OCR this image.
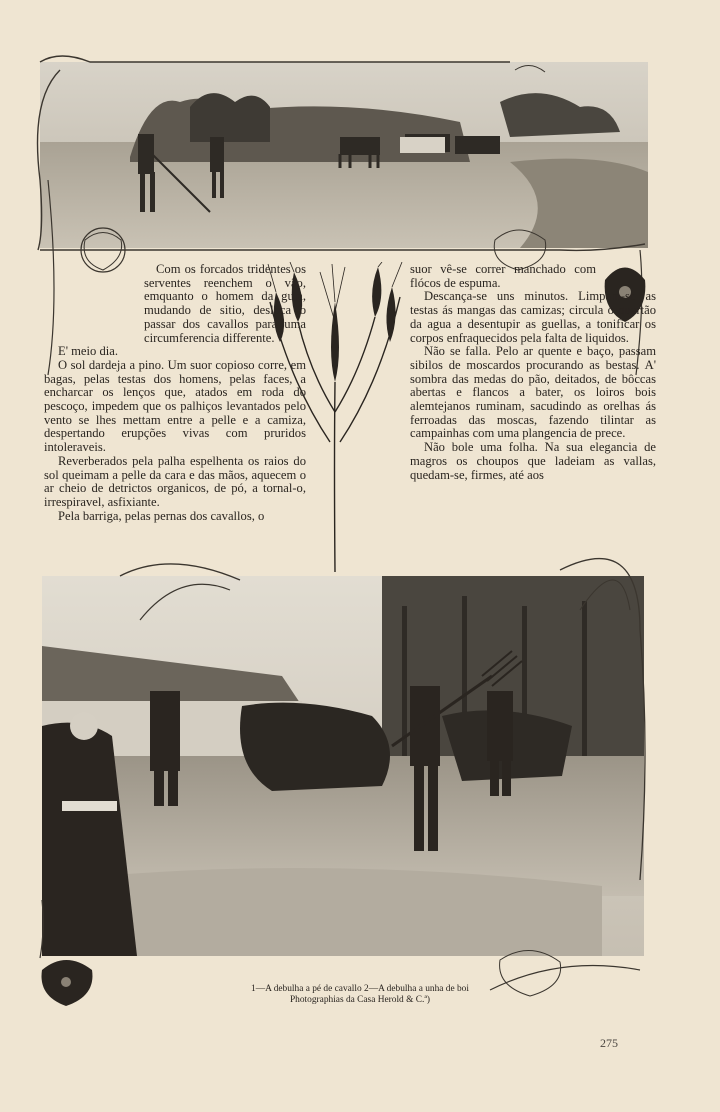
Com os forcados tridentes os serventes reenchem o vão, emquanto o homem da guia, mudando de sitio, desloca o passar dos cavallos para uma circumferencia differente.

E' meio dia.

O sol dardeja a pino. Um suor copioso corre, em bagas, pelas testas dos homens, pelas faces, a encharcar os lenços que, atados em roda do pescoço, impedem que os palhiços levantados pelo vento se lhes mettam entre a pelle e a camiza, despertando erupções vivas com pruridos intoleraveis.

Reverberados pela palha espelhenta os raios do sol queimam a pelle da cara e das mãos, aquecem o ar cheio de detrictos organicos, de pó, a tornal-o, irrespiravel, asfixiante.

Pela barriga, pelas pernas dos cavallos, o

suor vê-se correr manchado com flócos de espuma.

Descança-se uns minutos. Limpam-se as testas ás mangas das camizas; circula o quartão da agua a desentupir as guellas, a tonificar os corpos enfraquecidos pela falta de liquidos.

Não se falla. Pelo ar quente e baço, passam sibilos de moscardos procurando as bestas. A' sombra das medas do pão, deitados, de bôccas abertas e flancos a bater, os loiros bois alemtejanos ruminam, sacudindo as orelhas ás ferroadas das moscas, fazendo tilintar as campainhas com uma plangencia de prece.

Não bole uma folha. Na sua elegancia de magros os choupos que ladeiam as vallas, quedam-se, firmes, até aos

1—A debulha a pé de cavallo 2—A debulha a unha de boi
Photographias da Casa Herold & C.ª)
275
